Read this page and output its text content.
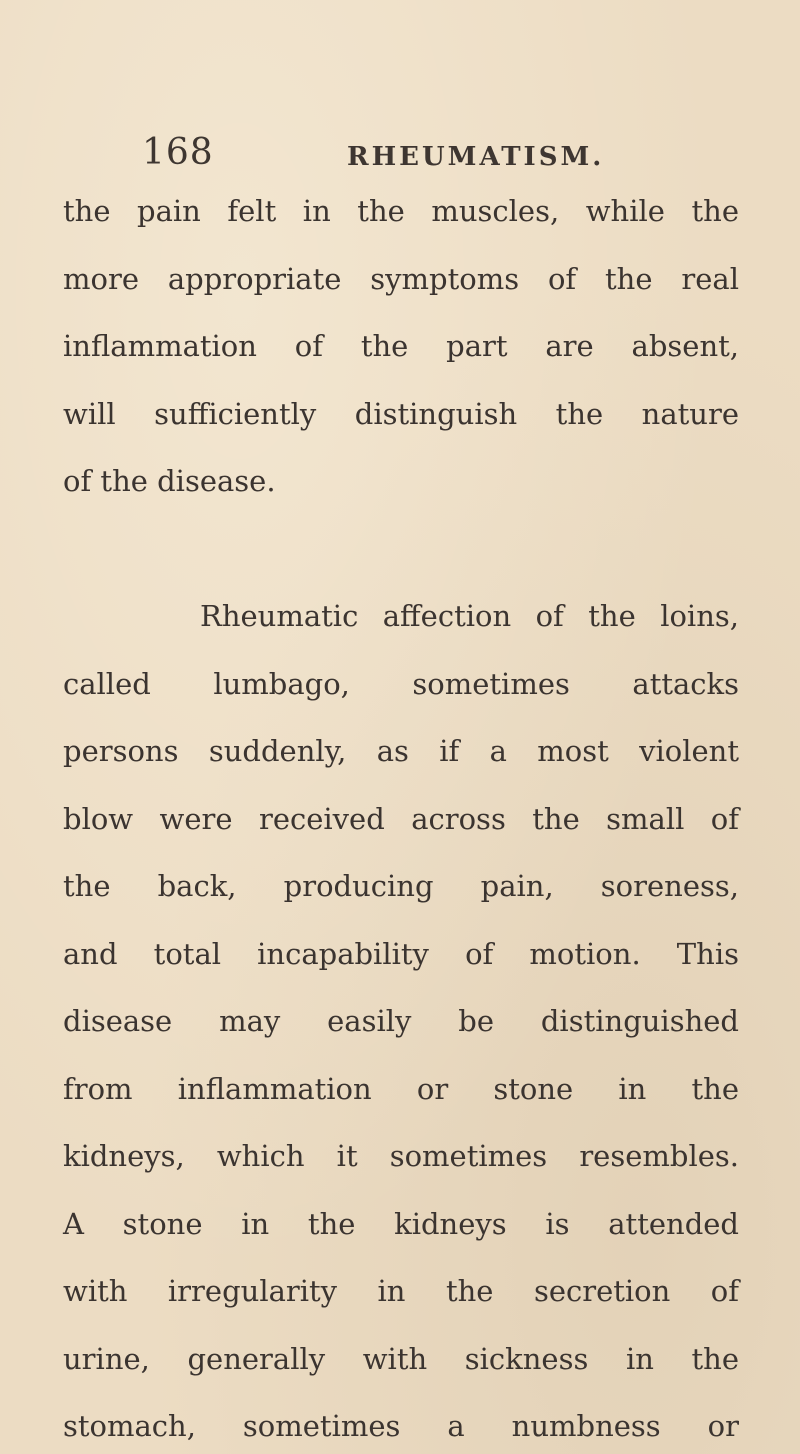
168	RHEUMATISM.
the pain felt in the muscles, while the
more appropriate symptoms of the real
inflammation of the part are absent,
will sufficiently distinguish the nature
of the disease.
Rheumatic affection of the loins,
called lumbago, sometimes attacks
persons suddenly, as if a most violent
blow were received across the small of
the back, producing pain, soreness,
and total incapability of motion. This
disease may easily be distinguished
from inflammation or stone in the
kidneys, which it sometimes resembles.
A stone in the kidneys is attended
with irregularity in the secretion of
urine, generally with sickness in the
stomach, sometimes a numbness or
